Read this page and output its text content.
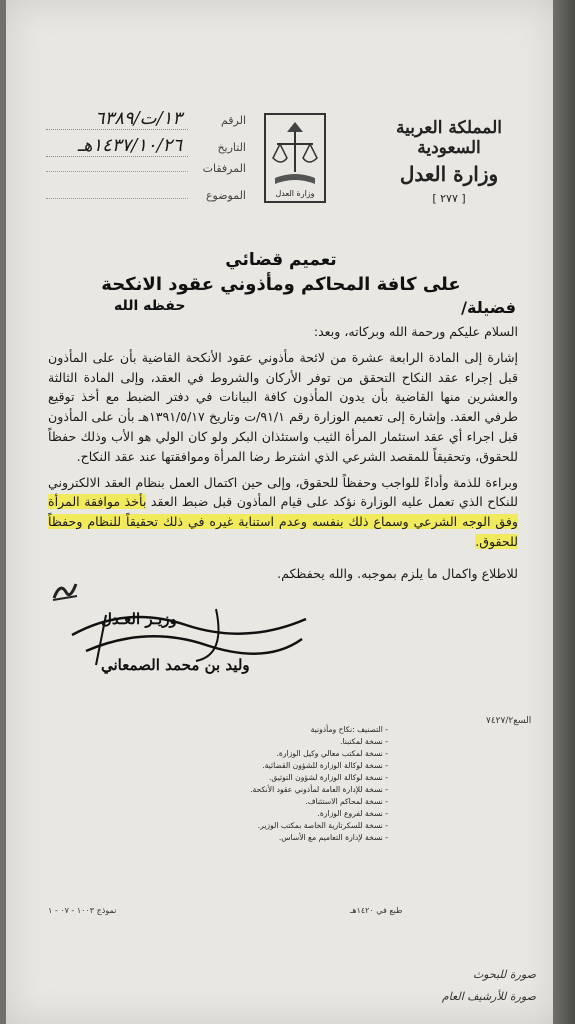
المملكة العربية السعودية
وزارة العدل
[ ٢٧٧ ]
وزارة العدل
الرقم
١٣/ت/٦٣٨٩
التاريخ
١٤٣٧/١٠/٢٦هـ
المرفقات
الموضوع
تعميم قضائي
على كافة المحاكم ومأذوني عقود الانكحة
فضيلة/
حفظه الله

السلام عليكم ورحمة الله وبركاته، وبعد:

إشارة إلى المادة الرابعة عشرة من لائحة مأذوني عقود الأنكحة القاضية بأن على المأذون قبل إجراء عقد النكاح التحقق من توفر الأركان والشروط في العقد، وإلى المادة الثالثة والعشرين منها القاضية بأن يدون المأذون كافة البيانات في دفتر الضبط مع أخذ توقيع طرفي العقد. وإشارة إلى تعميم الوزارة رقم ٩١/١/ت وتاريخ ١٣٩١/٥/١٧هـ بأن على المأذون قبل اجراء أي عقد استئمار المرأة الثيب واستئذان البكر ولو كان الولي هو الأب وذلك حفظاً للحقوق، وتحقيقاً للمقصد الشرعي الذي اشترط رضا المرأة وموافقتها عند عقد النكاح.

وبراءة للذمة وأداءً للواجب وحفظاً للحقوق، وإلى حين اكتمال العمل بنظام العقد الالكتروني للنكاح الذي تعمل عليه الوزارة نؤكد على قيام المأذون قبل ضبط العقد بأخذ موافقة المرأة وفق الوجه الشرعي وسماع ذلك بنفسه وعدم استنابة غيره في ذلك تحقيقاً للنظام وحفظاً للحقوق.

للاطلاع واكمال ما يلزم بموجبه. والله يحفظكم.
وزيـر العـدل
وليد بن محمد الصمعاني
السع٧٤٢٧/٢
- التصنيف :نكاح ومأذونية
- نسخة لمكتبنا.
- نسخة لمكتب معالي وكيل الوزارة.
- نسخة لوكالة الوزارة للشؤون القضائية.
- نسخة لوكالة الوزارة لشؤون التوثيق.
- نسخة للإدارة العامة لمأذوني عقود الأنكحة.
- نسخة لمحاكم الاستئناف.
- نسخة لفروع الوزارة.
- نسخة للسكرتارية الخاصة بمكتب الوزير.
- نسخة لإدارة التعاميم مع الأساس.
نموذج ١٠٠٣ - ٠٧ - ١	طبع في ١٤٢٠هـ
صورة للبحوث
صورة للأرشيف العام
